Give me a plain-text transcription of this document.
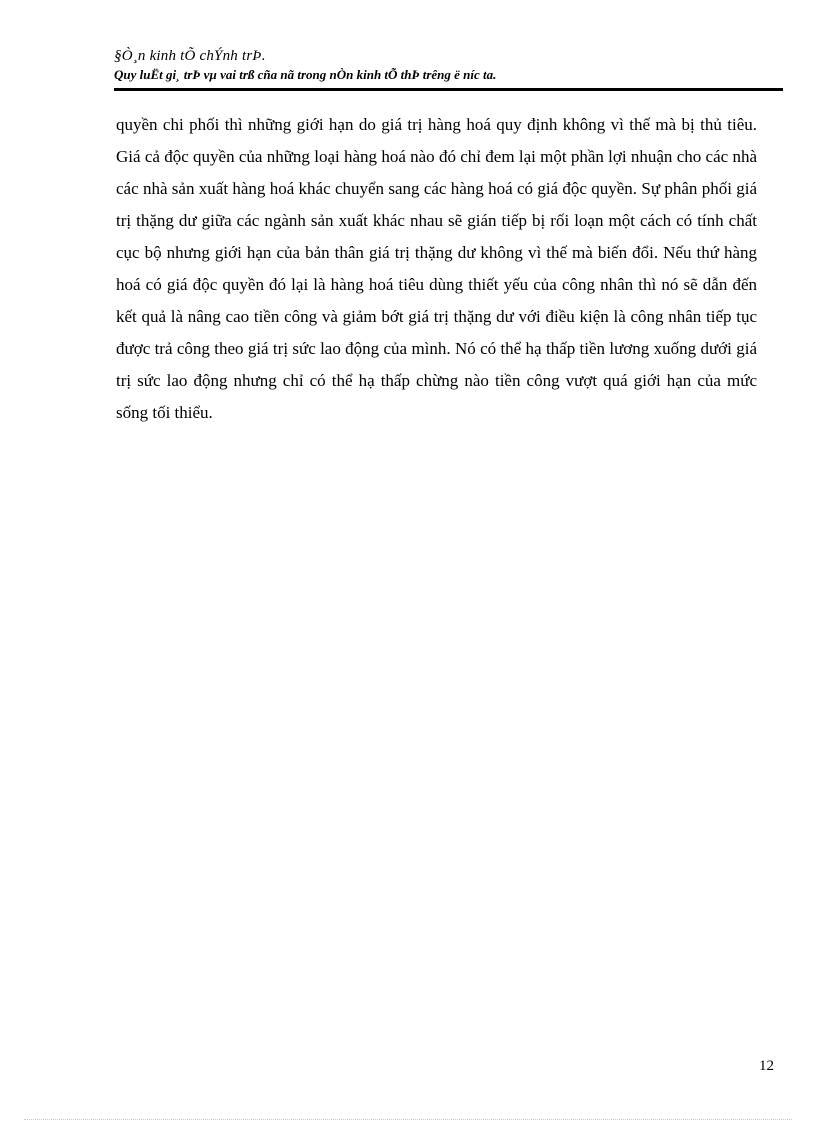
§Ò¸n kinh tÕ chÝnh trÞ.
Quy luËt gi¸ trÞ vµ vai trß cña nã trong nÒn kinh tÕ thÞ trêng ë níc ta.

quyền chi phối thì những giới hạn do giá trị hàng hoá quy định không vì thế mà bị thủ tiêu. Giá cả độc quyền của những loại hàng hoá nào đó chỉ đem lại một phần lợi nhuận cho các nhà các nhà sản xuất hàng hoá khác chuyển sang các hàng hoá có giá độc quyền. Sự phân phối giá trị thặng dư giữa các ngành sản xuất khác nhau sẽ gián tiếp bị rối loạn một cách có tính chất cục bộ nhưng giới hạn của bản thân giá trị thặng dư không vì thế mà biến đổi. Nếu thứ hàng hoá có giá độc quyền đó lại là hàng hoá tiêu dùng thiết yếu của công nhân thì nó sẽ dẫn đến kết quả là nâng cao tiền công và giảm bớt giá trị thặng dư với điều kiện là công nhân tiếp tục được trả công theo giá trị sức lao động của mình. Nó có thể hạ thấp tiền lương xuống dưới giá trị sức lao động nhưng chỉ có thể hạ thấp chừng nào tiền công vượt quá giới hạn của mức sống tối thiểu.

12
